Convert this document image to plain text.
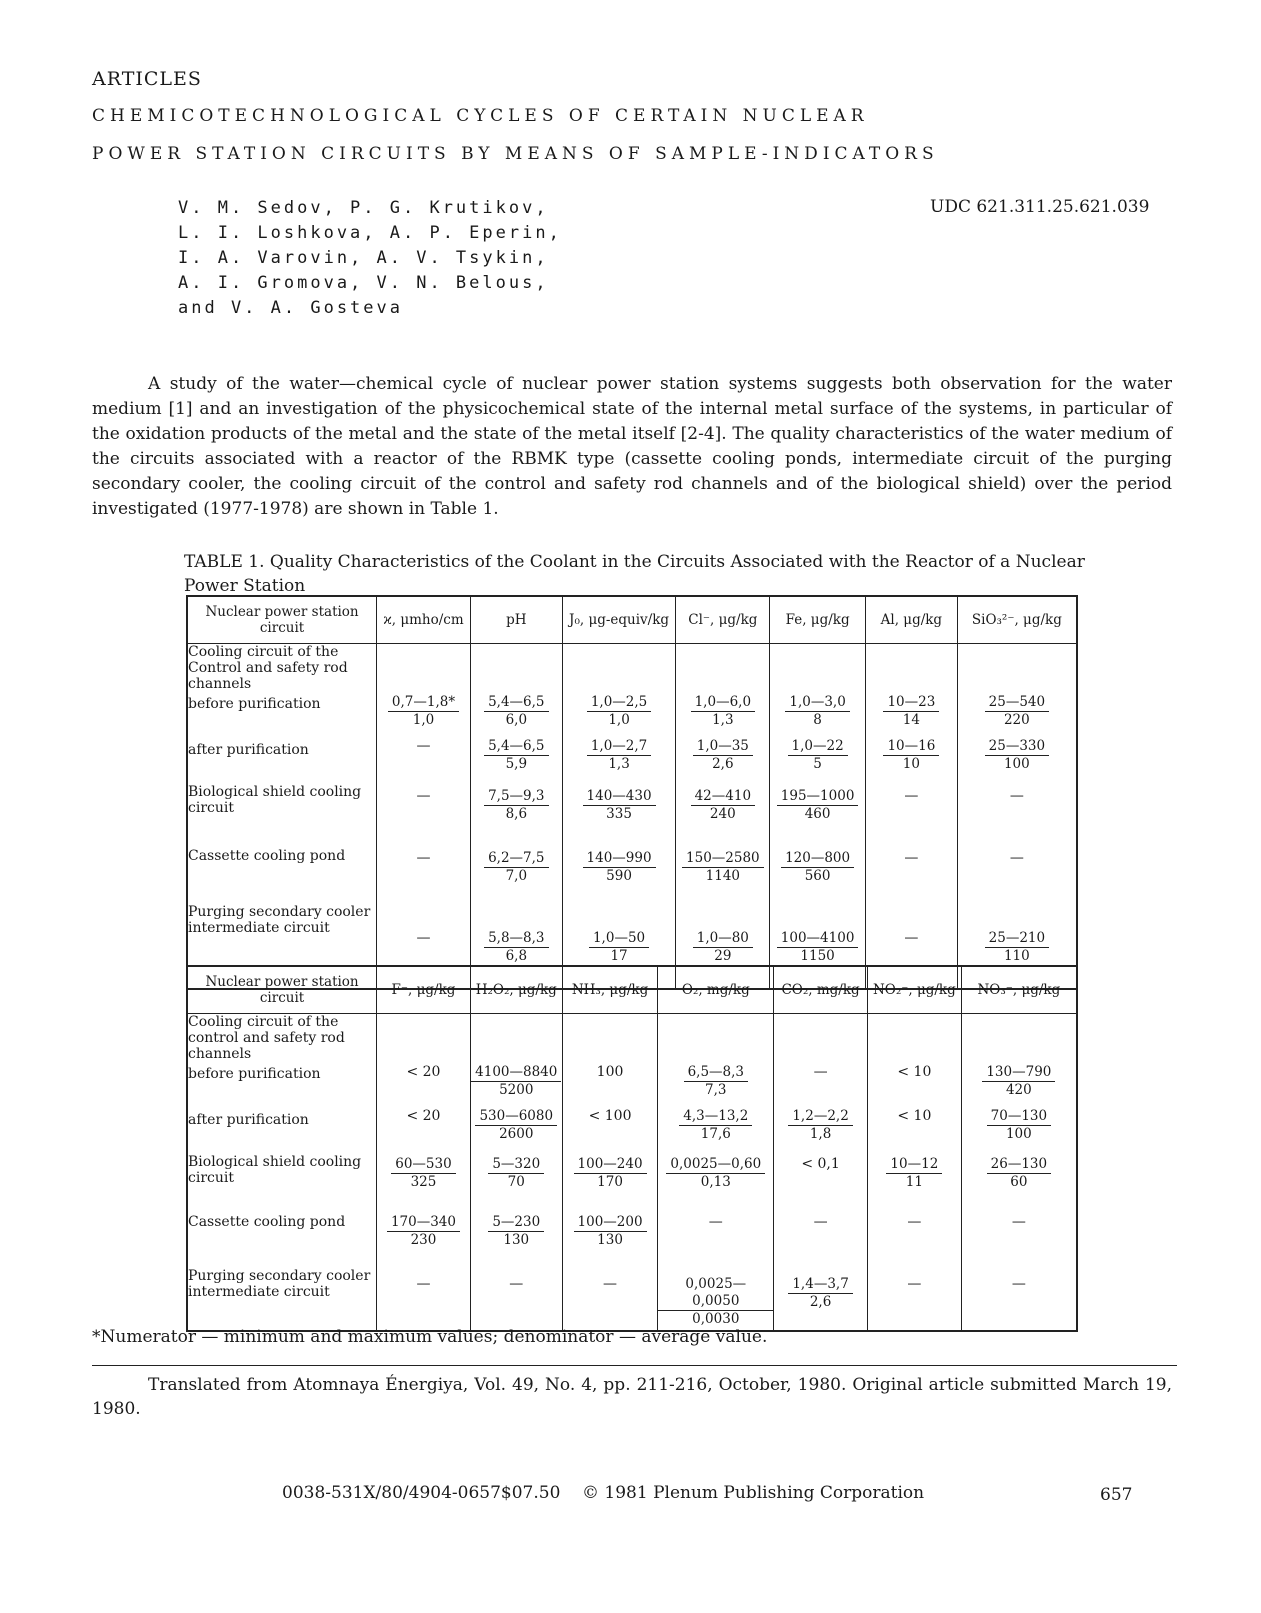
ARTICLES
CHEMICOTECHNOLOGICAL CYCLES OF CERTAIN NUCLEAR
POWER STATION CIRCUITS BY MEANS OF SAMPLE-INDICATORS
V. M. Sedov, P. G. Krutikov,
L. I. Loshkova, A. P. Eperin,
I. A. Varovin, A. V. Tsykin,
A. I. Gromova, V. N. Belous,
and V. A. Gosteva
UDC 621.311.25.621.039

A study of the water—chemical cycle of nuclear power station systems suggests both observation for the water medium [1] and an investigation of the physicochemical state of the internal metal surface of the systems, in particular of the oxidation products of the metal and the state of the metal itself [2-4]. The quality characteristics of the water medium of the circuits associated with a reactor of the RBMK type (cassette cooling ponds, intermediate circuit of the purging secondary cooler, the cooling circuit of the control and safety rod channels and of the biological shield) over the period investigated (1977-1978) are shown in Table 1.

TABLE 1. Quality Characteristics of the Coolant in the Circuits Associated with the Reactor of a Nuclear Power Station
Nuclear power station circuit	ϰ, μmho/cm	pH	J₀, μg-equiv/kg	Cl⁻, μg/kg	Fe, μg/kg	Al, μg/kg	SiO₃²⁻, μg/kg
Cooling circuit of the Control and safety rod channels							
before purification	$\frac{0,7—1,8*}{1,0}$	$\frac{5,4—6,5}{6,0}$	$\frac{1,0—2,5}{1,0}$	$\frac{1,0—6,0}{1,3}$	$\frac{1,0—3,0}{8}$	$\frac{10—23}{14}$	$\frac{25—540}{220}$

after purification	—	$\frac{5,4—6,5}{5,9}$	$\frac{1,0—2,7}{1,3}$	$\frac{1,0—35}{2,6}$	$\frac{1,0—22}{5}$	$\frac{10—16}{10}$	$\frac{25—330}{100}$

Biological shield cooling circuit	—	$\frac{7,5—9,3}{8,6}$	$\frac{140—430}{335}$	$\frac{42—410}{240}$	$\frac{195—1000}{460}$	—	—
Cassette cooling pond	—	$\frac{6,2—7,5}{7,0}$	$\frac{140—990}{590}$	$\frac{150—2580}{1140}$	$\frac{120—800}{560}$	—	—
Purging secondary cooler intermediate circuit	—	$\frac{5,8—8,3}{6,8}$	$\frac{1,0—50}{17}$	$\frac{1,0—80}{29}$	$\frac{100—4100}{1150}$	—	$\frac{25—210}{110}$
Nuclear power station circuit	F⁻, μg/kg	H₂O₂, μg/kg	NH₃, μg/kg	O₂, mg/kg	CO₂, mg/kg	NO₂⁻, μg/kg	NO₃⁻, μg/kg
Cooling circuit of the control and safety rod channels							
before purification	< 20	$\frac{4100—8840}{5200}$	100	$\frac{6,5—8,3}{7,3}$	—	< 10	$\frac{130—790}{420}$

after purification	< 20	$\frac{530—6080}{2600}$	< 100	$\frac{4,3—13,2}{17,6}$	$\frac{1,2—2,2}{1,8}$	< 10	$\frac{70—130}{100}$

Biological shield cooling circuit	$\frac{60—530}{325}$	$\frac{5—320}{70}$	$\frac{100—240}{170}$	$\frac{0,0025—0,60}{0,13}$	< 0,1	$\frac{10—12}{11}$	$\frac{26—130}{60}$

Cassette cooling pond	$\frac{170—340}{230}$	$\frac{5—230}{130}$	$\frac{100—200}{130}$	—	—	—	—
Purging secondary cooler intermediate circuit	—	—	—	$\frac{0,0025—0,0050}{0,0030}$	$\frac{1,4—3,7}{2,6}$	—	—
*Numerator — minimum and maximum values; denominator — average value.

Translated from Atomnaya Énergiya, Vol. 49, No. 4, pp. 211-216, October, 1980. Original article submitted March 19, 1980.

0038-531X/80/4904-0657$07.50 © 1981 Plenum Publishing Corporation	657
